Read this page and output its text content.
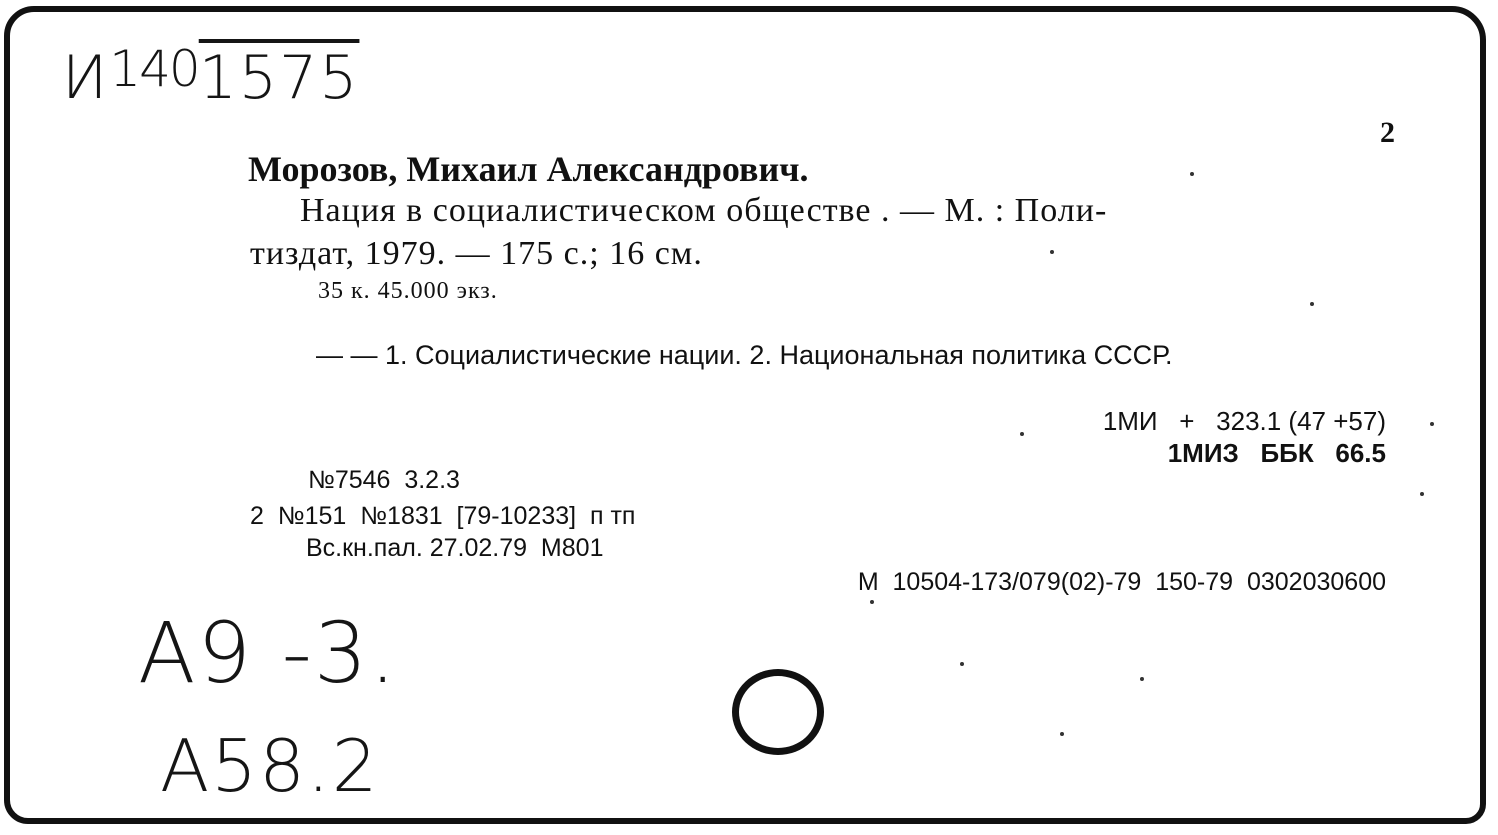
$И^{140}1575$
2
Морозов, Михаил Александрович.
Нация в социалистическом обществе . — М. : Поли-
тиздат, 1979. — 175 с.; 16 см.
35 к. 45.000 экз.
— — 1. Социалистические нации. 2. Национальная политика СССР.
1МИ   +   323.1 (47 +57)
1МИЗ   ББК   66.5
№7546  3.2.3
2  №151  №1831  [79-10233]  п тп
Вс.кн.пал. 27.02.79  М801
М  10504-173/079(02)-79  150-79  0302030600
А9 -3.
А58.2
